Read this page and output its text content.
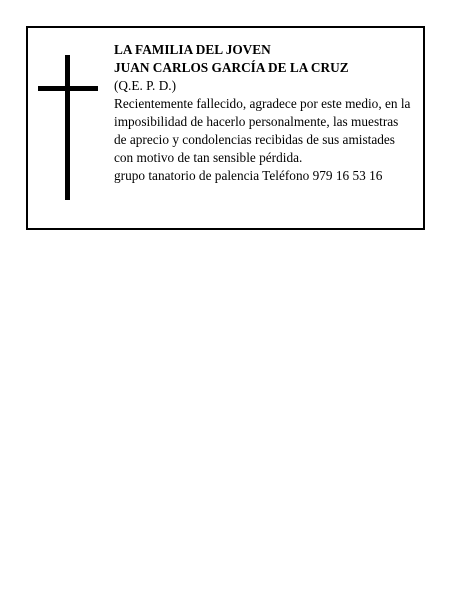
LA FAMILIA DEL JOVEN
JUAN CARLOS GARCÍA DE LA CRUZ
(Q.E. P. D.)
Recientemente fallecido, agradece por este medio, en la
imposibilidad de hacerlo personalmente, las muestras
de aprecio y condolencias recibidas de sus amistades
con motivo de tan sensible pérdida.
grupo tanatorio de palencia Teléfono 979 16 53 16
